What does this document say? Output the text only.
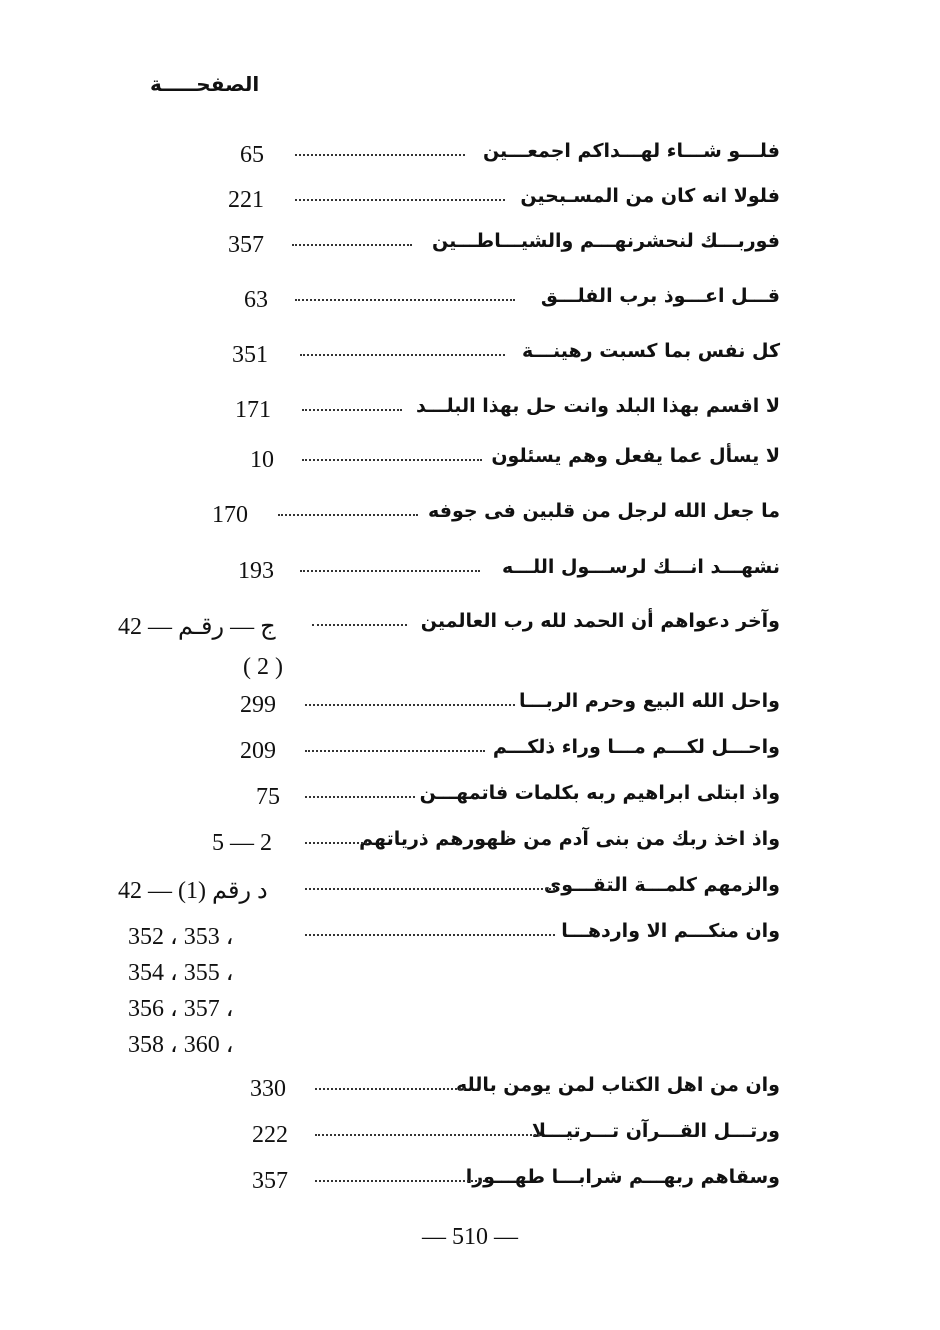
الصفحـــــة
فلـــو شـــاء لهـــداكم اجمعـــين
65
فلولا انه كان من المسـبحين
221
فوربـــك لنحشرنهـــم والشيـــاطـــين
357
قـــل اعـــوذ برب الفلـــق
63
كل نفس بما كسبت رهينـــة
351
لا اقسم بهذا البلد وانت حل بهذا البلـــد
171
لا يسأل عما يفعل وهم يسئلون
10
ما جعل الله لرجل من قلبين فى جوفه
170
نشهـــد انـــك لرســـول اللـــه
193
وآخر دعواهم أن الحمد لله رب العالمين
42 — ج — رقـم
( 2 )
واحل الله البيع وحرم الربـــا
299
واحـــل لكـــم مـــا وراء ذلكـــم
209
واذ ابتلى ابراهيم ربه بكلمات فاتمهـــن
75
واذ اخذ ربك من بنى آدم من ظهورهم ذرياتهم
5 — 2
والزمهم كلمـــة التقـــوى
42 — د رقم (1)
وان منكـــم الا واردهـــا
352 ، 353 ،
354 ، 355 ،
356 ، 357 ،
358 ، 360 ،
وان من اهل الكتاب لمن يومن بالله
330
ورتـــل القـــرآن تـــرتيـــلا
222
وسقاهم ربهـــم شرابـــا طهـــورا
357
— 510 —
